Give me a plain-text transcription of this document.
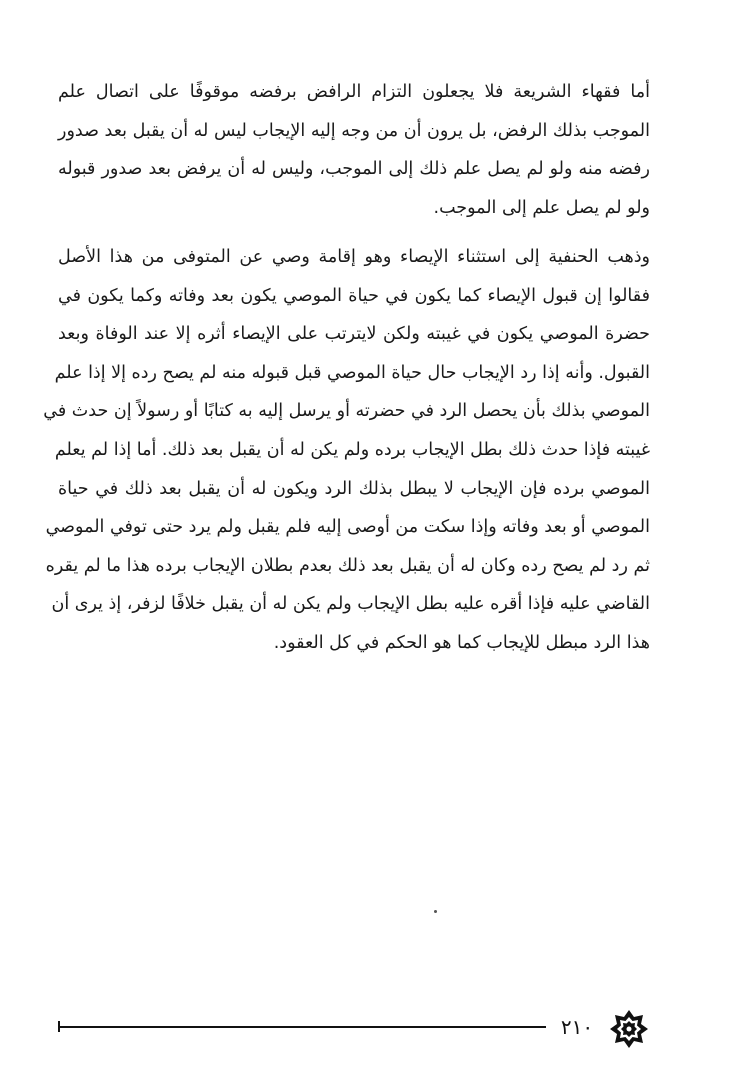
أما فقهاء الشريعة فلا يجعلون التزام الرافض برفضه موقوفًا على اتصال علم
الموجب بذلك الرفض، بل يرون أن من وجه إليه الإيجاب ليس له أن يقبل بعد صدور
رفضه منه ولو لم يصل علم ذلك إلى الموجب، وليس له أن يرفض بعد صدور قبوله
ولو لم يصل علم إلى الموجب.
وذهب الحنفية إلى استثناء الإيصاء وهو إقامة وصي عن المتوفى من هذا الأصل
فقالوا إن قبول الإيصاء كما يكون في حياة الموصي يكون بعد وفاته وكما يكون في
حضرة الموصي يكون في غيبته ولكن لايترتب على الإيصاء أثره إلا عند الوفاة وبعد
القبول. وأنه إذا رد الإيجاب حال حياة الموصي قبل قبوله منه لم يصح رده إلا إذا علم
الموصي بذلك بأن يحصل الرد في حضرته أو يرسل إليه به كتابًا أو رسولاً إن حدث في
غيبته فإذا حدث ذلك بطل الإيجاب برده ولم يكن له أن يقبل بعد ذلك. أما إذا لم يعلم
الموصي برده فإن الإيجاب لا يبطل بذلك الرد ويكون له أن يقبل بعد ذلك في حياة
الموصي أو بعد وفاته وإذا سكت من أوصى إليه فلم يقبل ولم يرد حتى توفي الموصي
ثم رد لم يصح رده وكان له أن يقبل بعد ذلك بعدم بطلان الإيجاب برده هذا ما لم يقره
القاضي عليه فإذا أقره عليه بطل الإيجاب ولم يكن له أن يقبل خلافًا لزفر، إذ يرى أن
هذا الرد مبطل للإيجاب كما هو الحكم في كل العقود.
٢١٠
